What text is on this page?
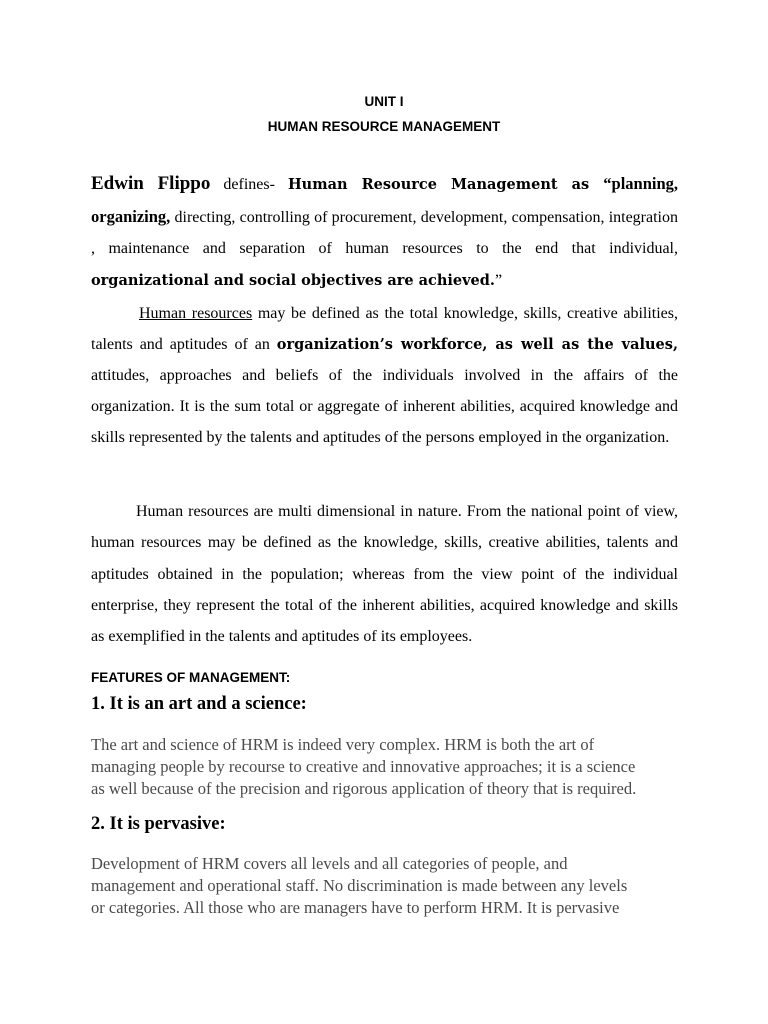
UNIT I
HUMAN RESOURCE MANAGEMENT
Edwin Flippo defines- Human Resource Management as “planning, organizing, directing, controlling of procurement, development, compensation, integration , maintenance and separation of human resources to the end that individual, organizational and social objectives are achieved.”
Human resources may be defined as the total knowledge, skills, creative abilities, talents and aptitudes of an organization’s workforce, as well as the values, attitudes, approaches and beliefs of the individuals involved in the affairs of the organization. It is the sum total or aggregate of inherent abilities, acquired knowledge and skills represented by the talents and aptitudes of the persons employed in the organization.
Human resources are multi dimensional in nature. From the national point of view, human resources may be defined as the knowledge, skills, creative abilities, talents and aptitudes obtained in the population; whereas from the view point of the individual enterprise, they represent the total of the inherent abilities, acquired knowledge and skills as exemplified in the talents and aptitudes of its employees.
FEATURES OF MANAGEMENT:
1. It is an art and a science:
The art and science of HRM is indeed very complex. HRM is both the art of
managing people by recourse to creative and innovative approaches; it is a science
as well because of the precision and rigorous application of theory that is required.
2. It is pervasive:
Development of HRM covers all levels and all categories of people, and
management and operational staff. No discrimination is made between any levels
or categories. All those who are managers have to perform HRM. It is pervasive
